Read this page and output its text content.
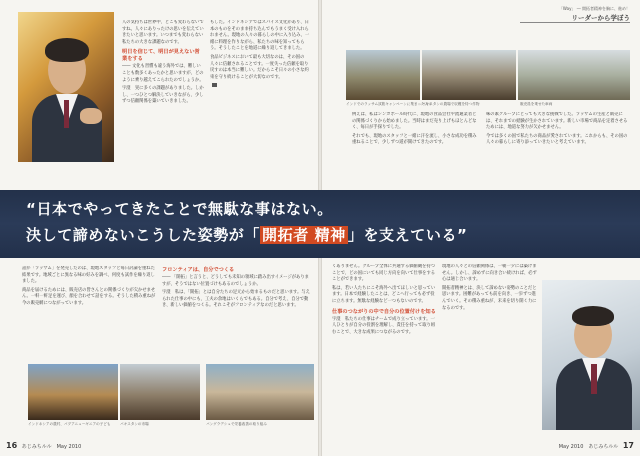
人の気持ちは世界中、どこも変わらないですね。人々にありったけの思いを伝えていきたいと思います。いつまでも変わらない私たちの大きな課題なのです。

明日を信じて、明日が見えない営業をする

―― 文化も習慣も違う海外では、難しいことも数多くあったかと思いますが、どのように乗り越えてこられたのでしょうか。

宇澄　実に多くの課題がありました。しかし、一つひとつ解決していきながら、少しずつ信頼関係を築いていきました。

もした。インドネシアではスパイス文化があり、日本のものをそのまま持ち込んでもうまく受け入れられません。現地の人々の暮らしの中に入り込み、一緒に料理を作りながら、私たちの味を知ってもらう。そうしたことを地道に繰り返してきました。

食品ビジネスにおいて最も大切なのは、その国の人々に信頼されることです。一度失った信頼を取り戻すのは本当に難しい。だからこそ日々の小さな約束を守り続けることが大切なのです。

話が「ラッサム」を発売したのは、現地スタッフと毎日討論を重ねた結果です。地域ごとに異なる味の好みを調べ、何度も試作を繰り返しました。

商品を届けるためには、販売店の皆さんとの関係づくりが欠かせません。一軒一軒足を運び、顔を合わせて話をする。そうした積み重ねが今の販売網につながっています。

フロンティアは、自分でつくる

―― 「開拓」と言うと、どうしても未知の領域に踏み出すイメージがありますが、そうではない位置づけもあるのでしょうか。

宇澄　私は、「開拓」とは自分たちの足元から始まるものだと思います。与えられた仕事の中にも、工夫の余地はいくらでもある。自分で考え、自分で動き、新しい価値をつくる。それこそがフロンティアなのだと思います。

インドネシアの農村、パプアニューギニアの子ども	パキスタンの市場	バングラデシュで栄養改善の取り組み
16 あじみちルル　May 2010
「Way」 ― 開拓者精神を胸に、進め！
リーダーから学ぼう

例えば、私はシンガポール時代に、現地の食品会社や流通業者との関係づくりから始めました。当時はまだ売り上げもほとんどなく、毎日が手探りでした。

それでも、現地のスタッフと一緒に汗を流し、小さな成功を積み重ねることで、少しずつ道が開けてきたのです。

味の素グループにとっても大きな挑戦でした。ラッサムの生産と販売には、それまでの経験が生かされています。新しい市場で商品を定着させるためには、地道な努力が欠かせません。

今では多くの国で私たちの商品が愛されています。これからも、その国の人々の暮らしに寄り添っていきたいと考えています。

くありません。グループ全体に共通する価値観を持つことで、どの国にいても同じ方向を向いて仕事をすることができます。

私は、若い人たちにこそ海外へ出てほしいと思っています。日本で経験したことは、どこへ行っても必ず役に立ちます。無駄な経験など一つもないのです。

仕事のつながりの中で自分の位置付けを知る

宇澄　私たちの仕事はチームで成り立っています。一人ひとりが自分の役割を理解し、責任を持って取り組むことで、大きな成果につながるのです。

現地の人々との信頼関係は、一朝一夕には築けません。しかし、諦めずに向き合い続ければ、必ず心は通じ合います。

開拓者精神とは、決して諦めない姿勢のことだと思います。困難があっても前を向き、一歩ずつ進んでいく。その積み重ねが、未来を切り開く力になるのです。

May 2010　あじみちルル 17
インドでのラッサム試飲キャンペーンに集まった人々
パキスタンの農場で収穫を待つ作物	販売員を乗せた車両
“日本でやってきたことで無駄な事はない。
決して諦めないこうした姿勢が「 開拓者 精神 」を支えている”
